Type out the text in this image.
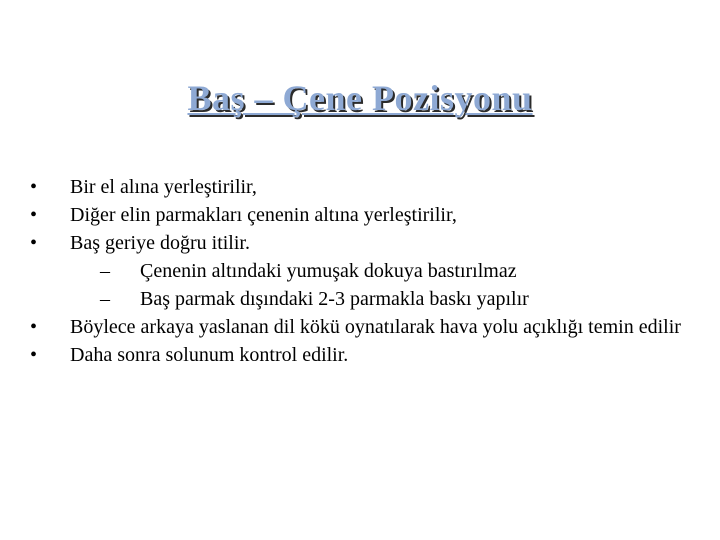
Baş – Çene Pozisyonu
•	Bir el alına yerleştirilir,
•	Diğer elin parmakları çenenin altına yerleştirilir,
•	Baş geriye doğru itilir.
–	Çenenin altındaki yumuşak dokuya bastırılmaz
–	Baş parmak dışındaki 2-3 parmakla baskı yapılır
•	Böylece arkaya yaslanan dil kökü oynatılarak hava yolu açıklığı temin edilir
•	Daha sonra solunum kontrol edilir.
